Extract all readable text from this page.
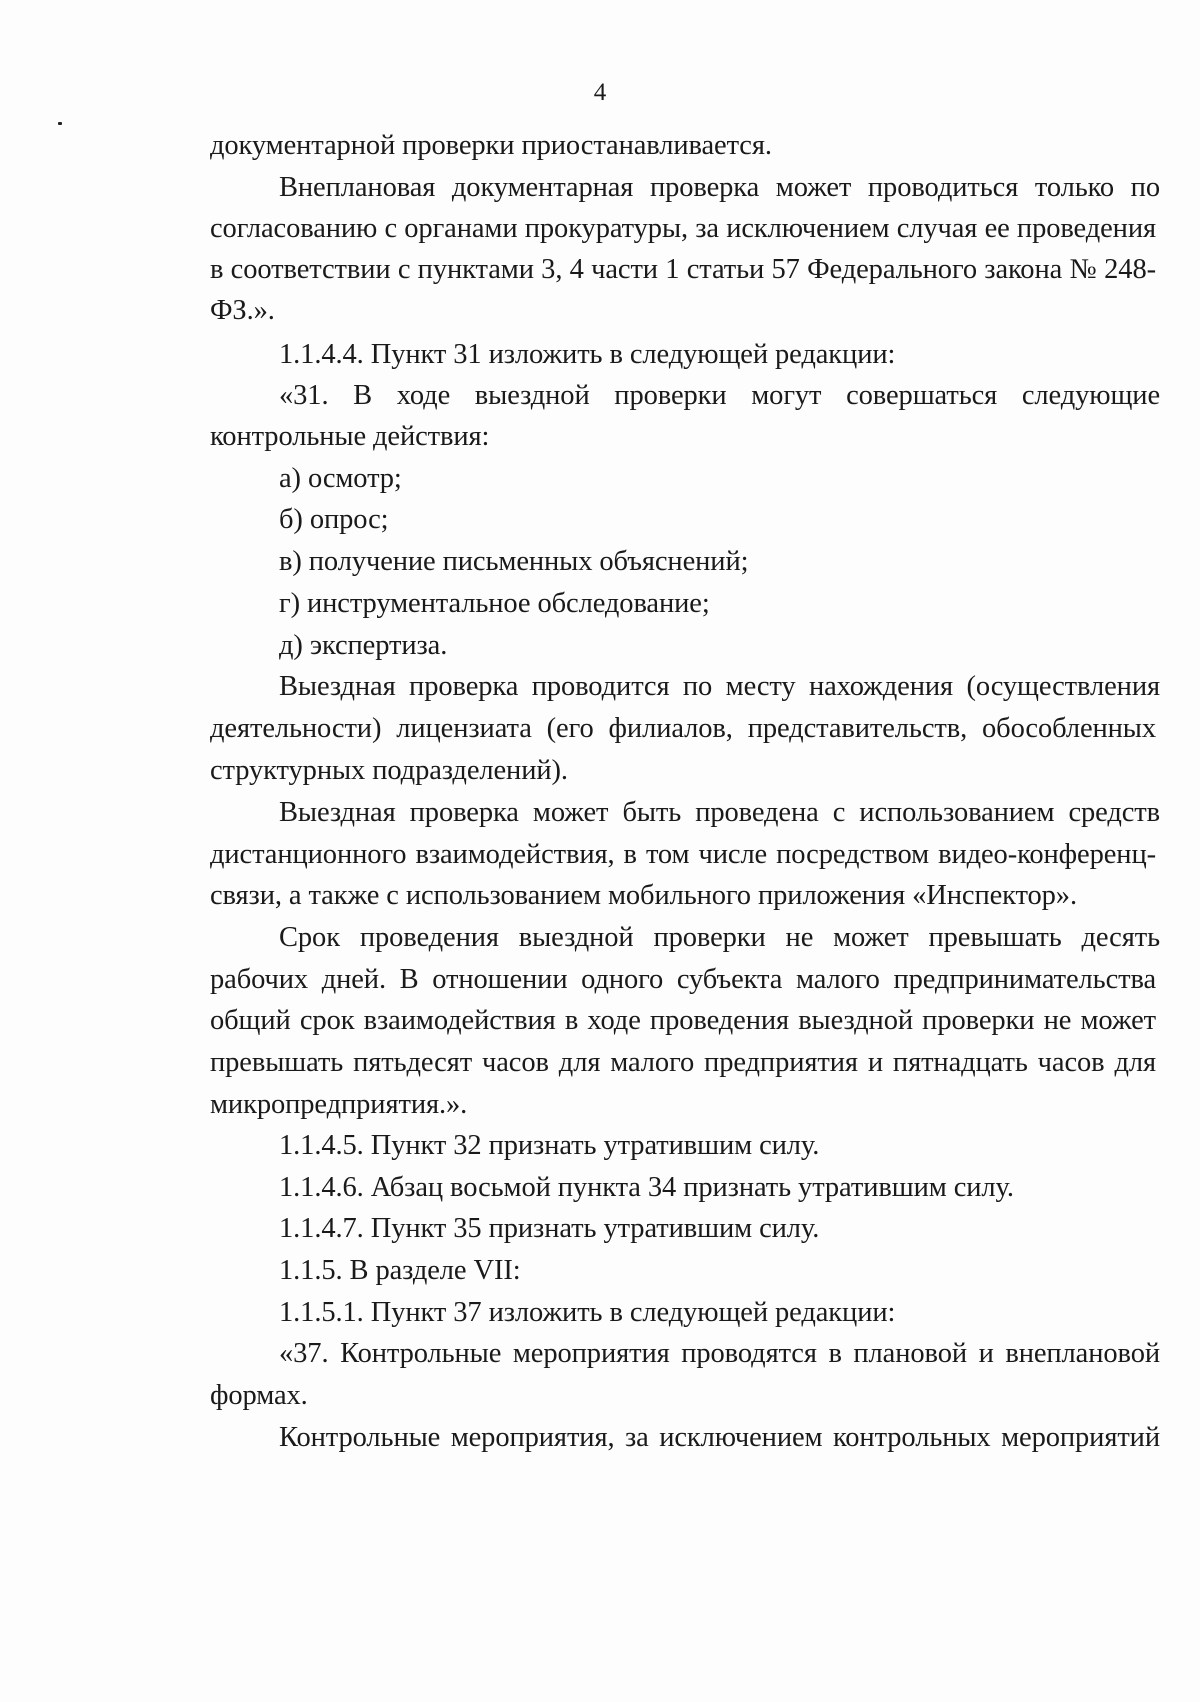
4
документарной проверки приостанавливается.
Внеплановая документарная проверка может проводиться только по
согласованию с органами прокуратуры, за исключением случая ее проведения
в соответствии с пунктами 3, 4 части 1 статьи 57 Федерального закона № 248-
ФЗ.».
1.1.4.4. Пункт 31 изложить в следующей редакции:
«31. В ходе выездной проверки могут совершаться следующие
контрольные действия:
а) осмотр;
б) опрос;
в) получение письменных объяснений;
г) инструментальное обследование;
д) экспертиза.
Выездная проверка проводится по месту нахождения (осуществления
деятельности) лицензиата (его филиалов, представительств, обособленных
структурных подразделений).
Выездная проверка может быть проведена с использованием средств
дистанционного взаимодействия, в том числе посредством видео-конференц-
связи, а также с использованием мобильного приложения «Инспектор».
Срок проведения выездной проверки не может превышать десять
рабочих дней. В отношении одного субъекта малого предпринимательства
общий срок взаимодействия в ходе проведения выездной проверки не может
превышать пятьдесят часов для малого предприятия и пятнадцать часов для
микропредприятия.».
1.1.4.5. Пункт 32 признать утратившим силу.
1.1.4.6. Абзац восьмой пункта 34 признать утратившим силу.
1.1.4.7. Пункт 35 признать утратившим силу.
1.1.5. В разделе VII:
1.1.5.1. Пункт 37 изложить в следующей редакции:
«37. Контрольные мероприятия проводятся в плановой и внеплановой
формах.
Контрольные мероприятия, за исключением контрольных мероприятий
